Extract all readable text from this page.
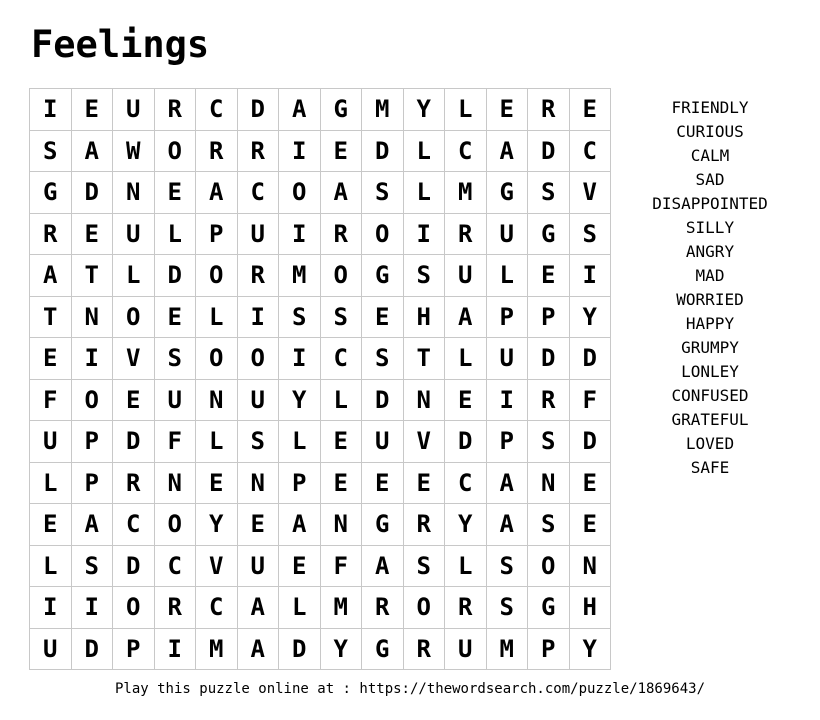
Feelings
I	E	U	R	C	D	A	G	M	Y	L	E	R	E
S	A	W	O	R	R	I	E	D	L	C	A	D	C
G	D	N	E	A	C	O	A	S	L	M	G	S	V
R	E	U	L	P	U	I	R	O	I	R	U	G	S
A	T	L	D	O	R	M	O	G	S	U	L	E	I
T	N	O	E	L	I	S	S	E	H	A	P	P	Y
E	I	V	S	O	O	I	C	S	T	L	U	D	D
F	O	E	U	N	U	Y	L	D	N	E	I	R	F
U	P	D	F	L	S	L	E	U	V	D	P	S	D
L	P	R	N	E	N	P	E	E	E	C	A	N	E
E	A	C	O	Y	E	A	N	G	R	Y	A	S	E
L	S	D	C	V	U	E	F	A	S	L	S	O	N
I	I	O	R	C	A	L	M	R	O	R	S	G	H
U	D	P	I	M	A	D	Y	G	R	U	M	P	Y
FRIENDLY
CURIOUS
CALM
SAD
DISAPPOINTED
SILLY
ANGRY
MAD
WORRIED
HAPPY
GRUMPY
LONLEY
CONFUSED
GRATEFUL
LOVED
SAFE
Play this puzzle online at : https://thewordsearch.com/puzzle/1869643/
